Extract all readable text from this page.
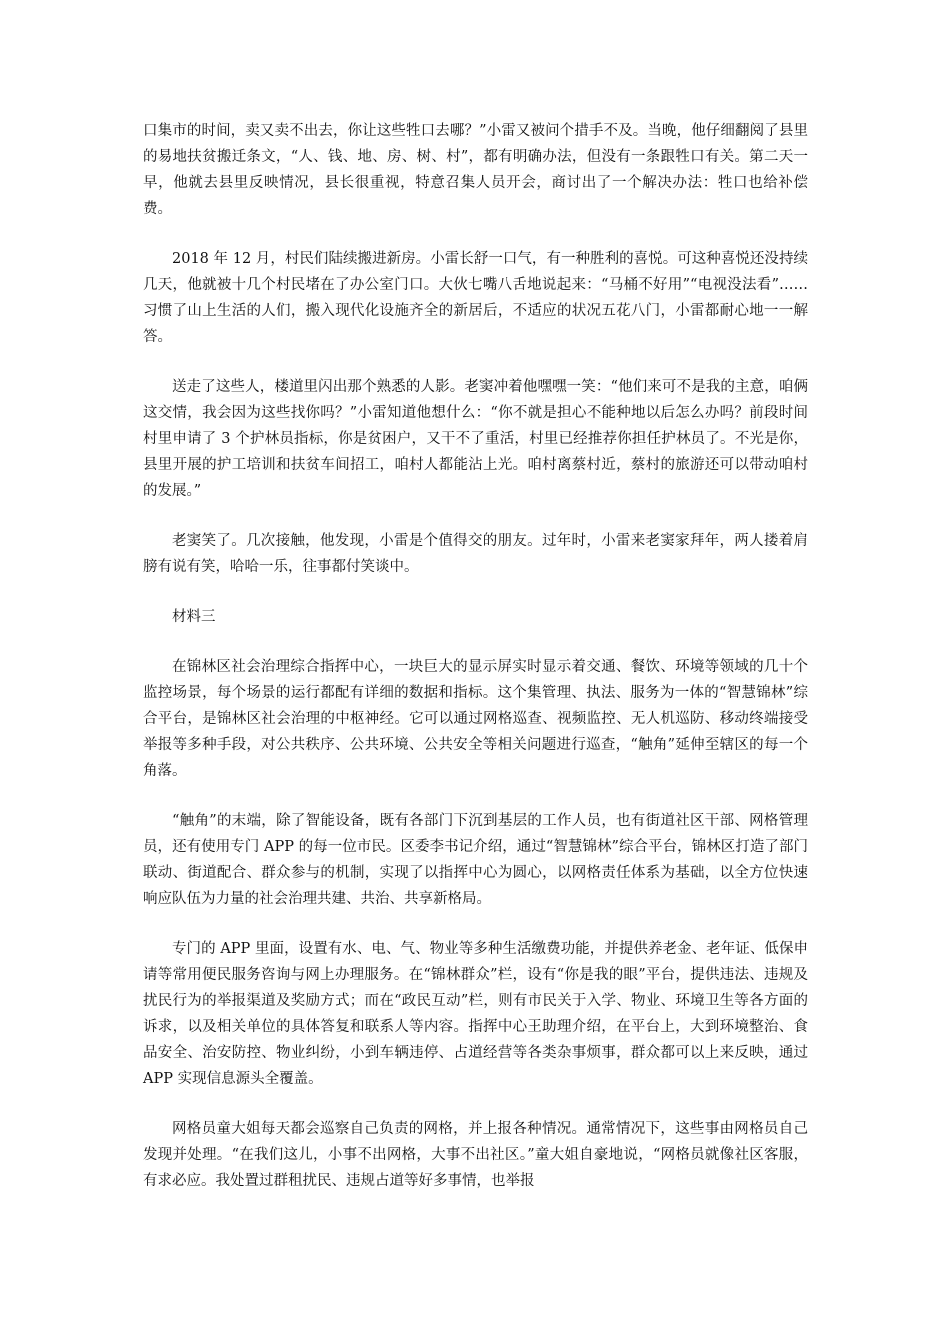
口集市的时间，卖又卖不出去，你让这些牲口去哪？”小雷又被问个措手不及。当晚，他仔细翻阅了县里的易地扶贫搬迁条文，“人、钱、地、房、树、村”，都有明确办法，但没有一条跟牲口有关。第二天一早，他就去县里反映情况，县长很重视，特意召集人员开会，商讨出了一个解决办法：牲口也给补偿费。

2018 年 12 月，村民们陆续搬进新房。小雷长舒一口气，有一种胜利的喜悦。可这种喜悦还没持续几天，他就被十几个村民堵在了办公室门口。大伙七嘴八舌地说起来：“马桶不好用”“电视没法看”……习惯了山上生活的人们，搬入现代化设施齐全的新居后，不适应的状况五花八门，小雷都耐心地一一解答。

送走了这些人，楼道里闪出那个熟悉的人影。老窦冲着他嘿嘿一笑：“他们来可不是我的主意，咱俩这交情，我会因为这些找你吗？”小雷知道他想什么：“你不就是担心不能种地以后怎么办吗？前段时间村里申请了 3 个护林员指标，你是贫困户，又干不了重活，村里已经推荐你担任护林员了。不光是你，县里开展的护工培训和扶贫车间招工，咱村人都能沾上光。咱村离蔡村近，蔡村的旅游还可以带动咱村的发展。”

老窦笑了。几次接触，他发现，小雷是个值得交的朋友。过年时，小雷来老窦家拜年，两人搂着肩膀有说有笑，哈哈一乐，往事都付笑谈中。

材料三

在锦林区社会治理综合指挥中心，一块巨大的显示屏实时显示着交通、餐饮、环境等领域的几十个监控场景，每个场景的运行都配有详细的数据和指标。这个集管理、执法、服务为一体的“智慧锦林”综合平台，是锦林区社会治理的中枢神经。它可以通过网格巡查、视频监控、无人机巡防、移动终端接受举报等多种手段，对公共秩序、公共环境、公共安全等相关问题进行巡查，“触角”延伸至辖区的每一个角落。

“触角”的末端，除了智能设备，既有各部门下沉到基层的工作人员，也有街道社区干部、网格管理员，还有使用专门 APP 的每一位市民。区委李书记介绍，通过“智慧锦林”综合平台，锦林区打造了部门联动、街道配合、群众参与的机制，实现了以指挥中心为圆心，以网格责任体系为基础，以全方位快速响应队伍为力量的社会治理共建、共治、共享新格局。

专门的 APP 里面，设置有水、电、气、物业等多种生活缴费功能，并提供养老金、老年证、低保申请等常用便民服务咨询与网上办理服务。在“锦林群众”栏，设有“你是我的眼”平台，提供违法、违规及扰民行为的举报渠道及奖励方式；而在“政民互动”栏，则有市民关于入学、物业、环境卫生等各方面的诉求，以及相关单位的具体答复和联系人等内容。指挥中心王助理介绍，在平台上，大到环境整治、食品安全、治安防控、物业纠纷，小到车辆违停、占道经营等各类杂事烦事，群众都可以上来反映，通过 APP 实现信息源头全覆盖。

网格员童大姐每天都会巡察自己负责的网格，并上报各种情况。通常情况下，这些事由网格员自己发现并处理。“在我们这儿，小事不出网格，大事不出社区。”童大姐自豪地说，“网格员就像社区客服，有求必应。我处置过群租扰民、违规占道等好多事情，也举报
